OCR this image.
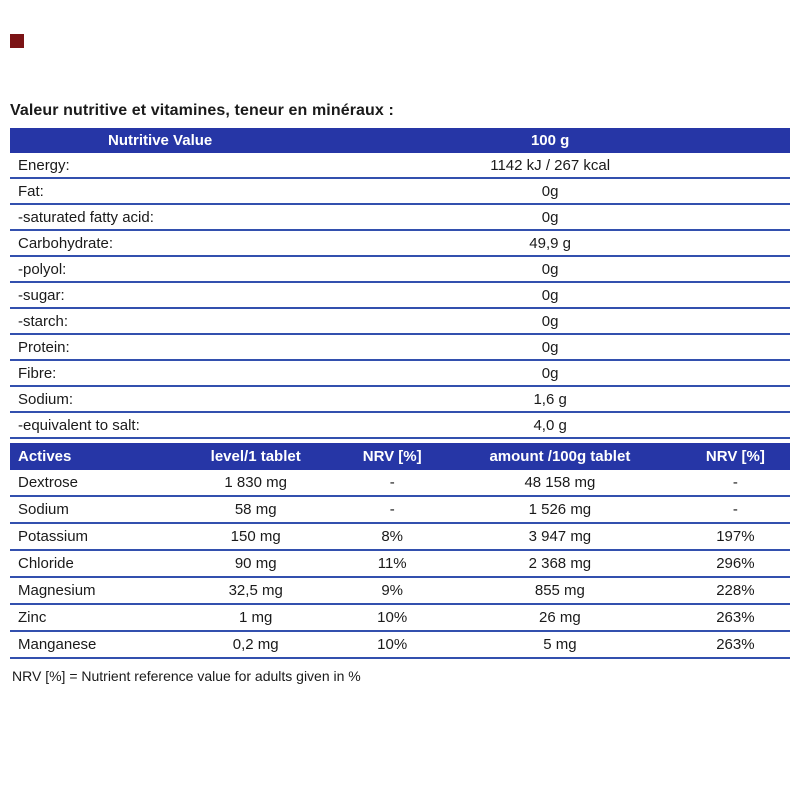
Valeur nutritive et vitamines, teneur en minéraux :
Nutritive Value	100 g
Energy:	1142 kJ / 267 kcal
Fat:	0g
-saturated fatty acid:	0g
Carbohydrate:	49,9 g
-polyol:	0g
-sugar:	0g
-starch:	0g
Protein:	0g
Fibre:	0g
Sodium:	1,6 g
-equivalent to salt:	4,0 g
Actives	level/1 tablet	NRV [%]	amount /100g tablet	NRV [%]
Dextrose	1 830 mg	-	48 158 mg	-
Sodium	58 mg	-	1 526 mg	-
Potassium	150 mg	8%	3 947 mg	197%
Chloride	90 mg	11%	2 368 mg	296%
Magnesium	32,5 mg	9%	855 mg	228%
Zinc	1 mg	10%	26 mg	263%
Manganese	0,2 mg	10%	5 mg	263%
NRV [%] = Nutrient reference value for adults given in %
